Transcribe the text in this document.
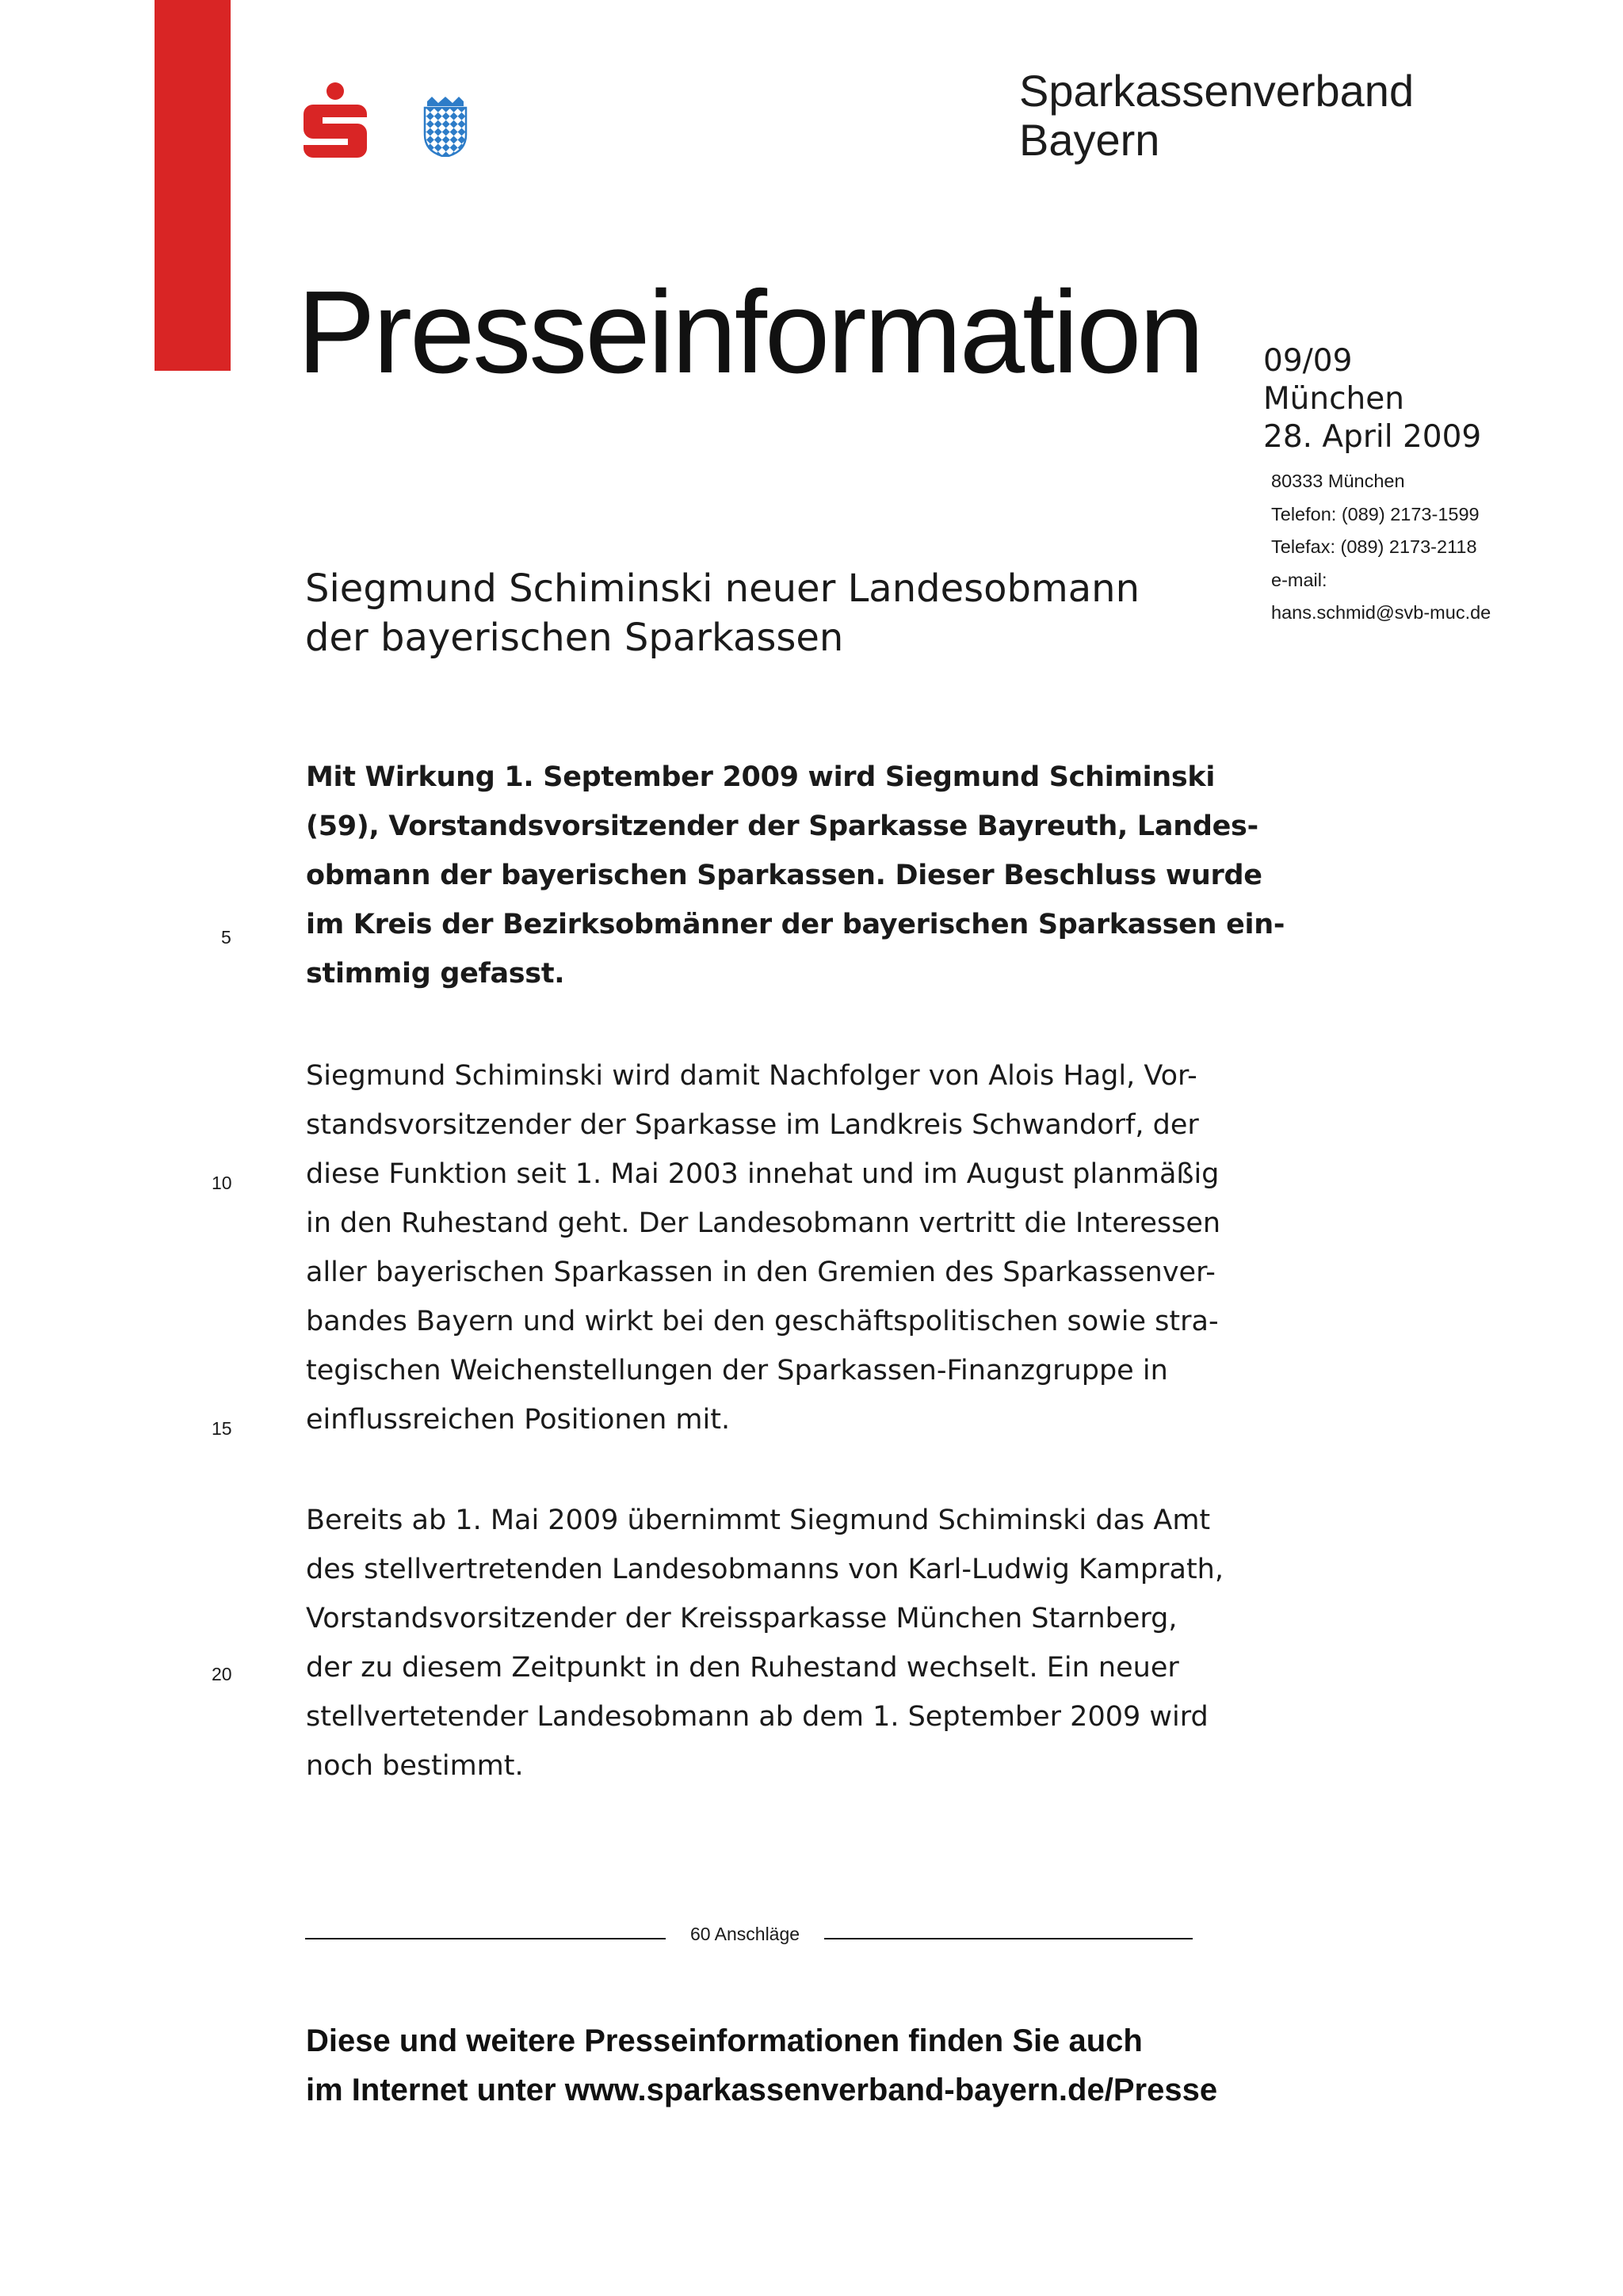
Sparkassenverband
Bayern
Presseinformation 09/09
München
28. April 2009
80333 München
Telefon: (089) 2173-1599
Telefax: (089) 2173-2118
e-mail:
hans.schmid@svb-muc.de
Siegmund Schiminski neuer Landesobmann
der bayerischen Sparkassen
Mit Wirkung 1. September 2009 wird Siegmund Schiminski
(59), Vorstandsvorsitzender der Sparkasse Bayreuth, Landes-
obmann der bayerischen Sparkassen. Dieser Beschluss wurde
im Kreis der Bezirksobmänner der bayerischen Sparkassen ein-
stimmig gefasst.
Siegmund Schiminski wird damit Nachfolger von Alois Hagl, Vor-
standsvorsitzender der Sparkasse im Landkreis Schwandorf, der
diese Funktion seit 1. Mai 2003 innehat und im August planmäßig
in den Ruhestand geht. Der Landesobmann vertritt die Interessen
aller bayerischen Sparkassen in den Gremien des Sparkassenver-
bandes Bayern und wirkt bei den geschäftspolitischen sowie stra-
tegischen Weichenstellungen der Sparkassen-Finanzgruppe in
einflussreichen Positionen mit.
Bereits ab 1. Mai 2009 übernimmt Siegmund Schiminski das Amt
des stellvertretenden Landesobmanns von Karl-Ludwig Kamprath,
Vorstandsvorsitzender der Kreissparkasse München Starnberg,
der zu diesem Zeitpunkt in den Ruhestand wechselt. Ein neuer
stellvertetender Landesobmann ab dem 1. September 2009 wird
noch bestimmt.
5
10
15
20
60 Anschläge
Diese und weitere Presseinformationen finden Sie auch
im Internet unter www.sparkassenverband-bayern.de/Presse
